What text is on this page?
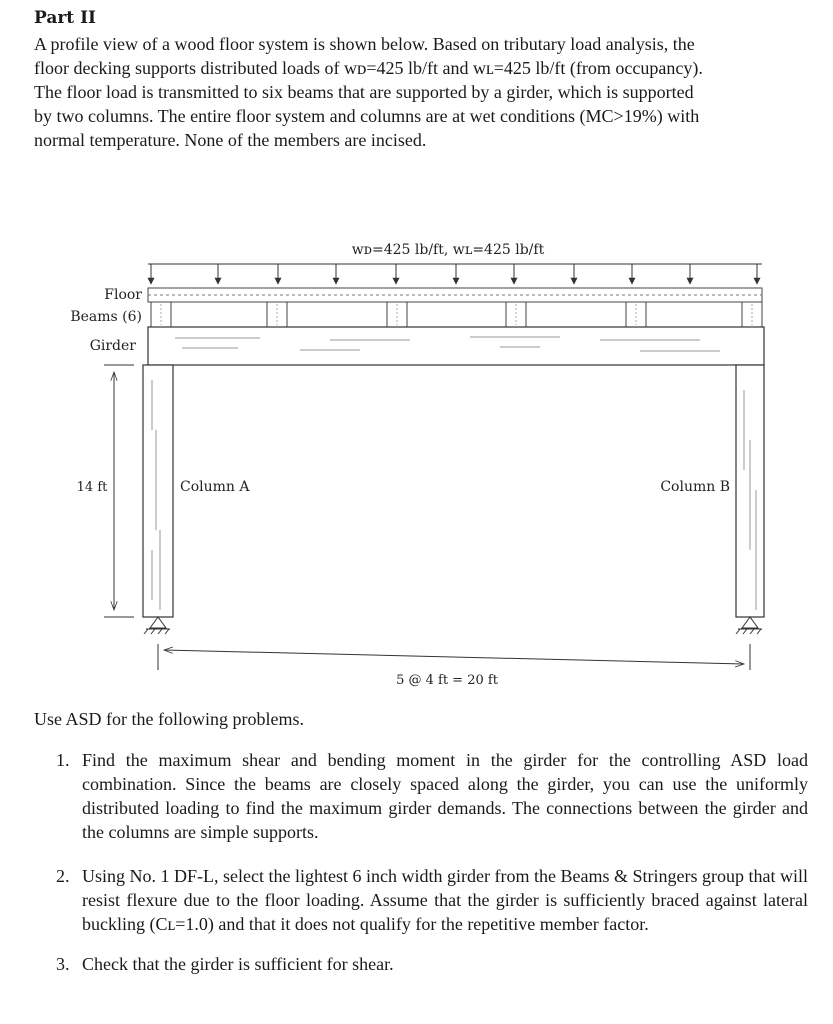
Part II
A profile view of a wood floor system is shown below. Based on tributary load analysis, the
floor decking supports distributed loads of wᴅ=425 lb/ft and wʟ=425 lb/ft (from occupancy).
The floor load is transmitted to six beams that are supported by a girder, which is supported
by two columns. The entire floor system and columns are at wet conditions (MC>19%) with
normal temperature. None of the members are incised.
wᴅ=425 lb/ft, wʟ=425 lb/ft
Floor
Beams (6)
Girder
14 ft	Column A	Column B
5 @ 4 ft = 20 ft
Use ASD for the following problems.
1. Find the maximum shear and bending moment in the girder for the controlling ASD load combination. Since the beams are closely spaced along the girder, you can use the uniformly distributed loading to find the maximum girder demands. The connections between the girder and the columns are simple supports.
2. Using No. 1 DF-L, select the lightest 6 inch width girder from the Beams & Stringers group that will resist flexure due to the floor loading. Assume that the girder is sufficiently braced against lateral buckling (Cʟ=1.0) and that it does not qualify for the repetitive member factor.
3. Check that the girder is sufficient for shear.
